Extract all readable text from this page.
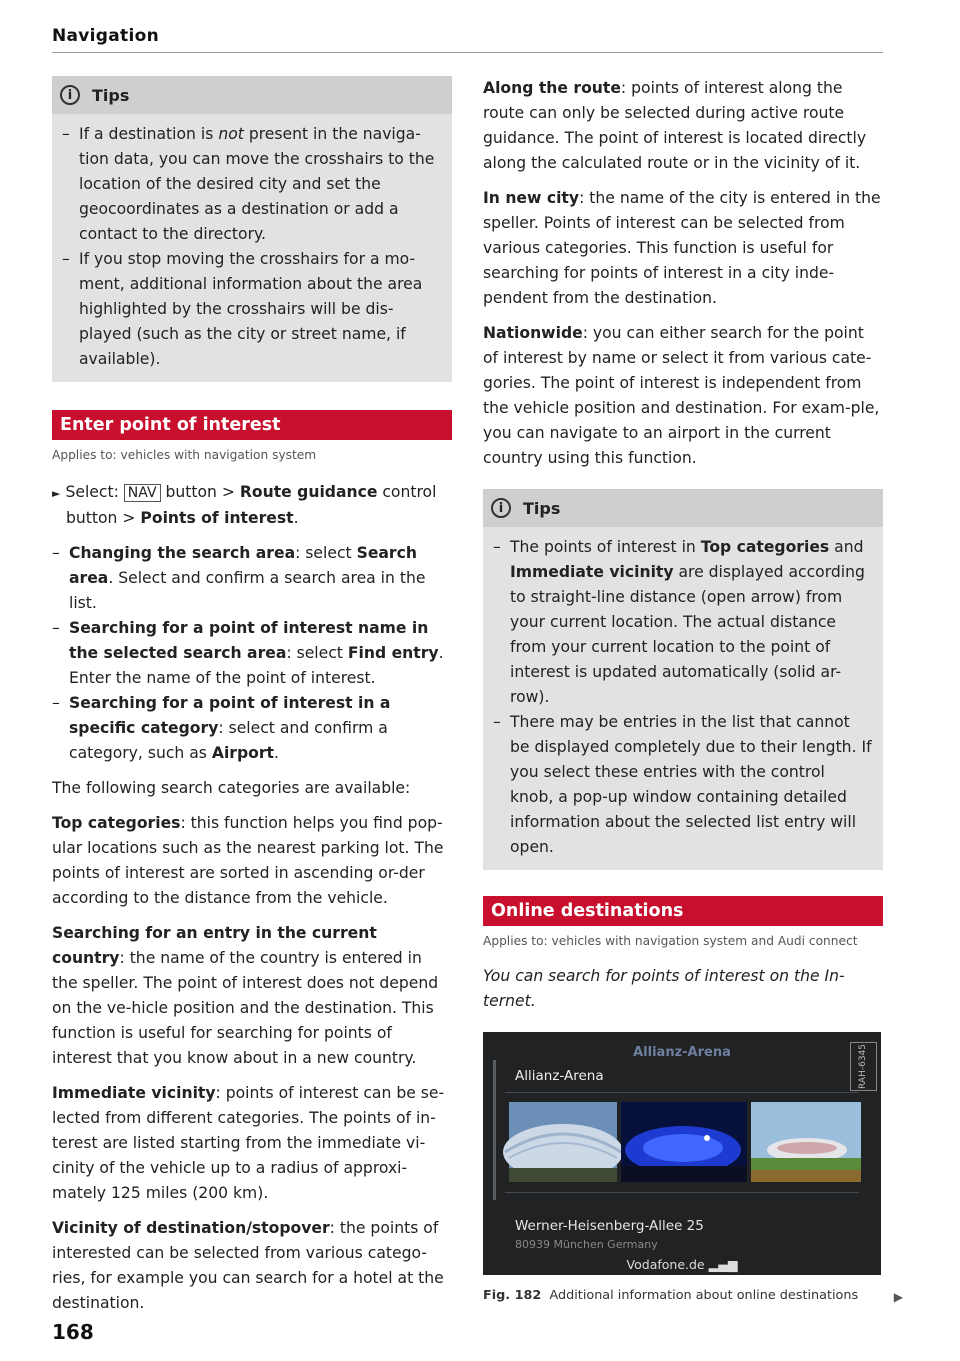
Navigation
i	Tips

– If a destination is not present in the naviga-tion data, you can move the crosshairs to the location of the desired city and set the geocoordinates as a destination or add a contact to the directory.

– If you stop moving the crosshairs for a mo-ment, additional information about the area highlighted by the crosshairs will be dis-played (such as the city or street name, if available).

Enter point of interest
Applies to: vehicles with navigation system

► Select: NAV button > Route guidance control button > Points of interest.

– Changing the search area: select Search area. Select and confirm a search area in the list.

– Searching for a point of interest name in the selected search area: select Find entry. Enter the name of the point of interest.

– Searching for a point of interest in a specific category: select and confirm a category, such as Airport.

The following search categories are available:

Top categories: this function helps you find pop-ular locations such as the nearest parking lot. The points of interest are sorted in ascending or-der according to the distance from the vehicle.

Searching for an entry in the current country: the name of the country is entered in the speller. The point of interest does not depend on the ve-hicle position and the destination. This function is useful for searching for points of interest that you know about in a new country.

Immediate vicinity: points of interest can be se-lected from different categories. The points of in-terest are listed starting from the immediate vi-cinity of the vehicle up to a radius of approxi-mately 125 miles (200 km).

Vicinity of destination/stopover: the points of interested can be selected from various catego-ries, for example you can search for a hotel at the destination.

Along the route: points of interest along the route can only be selected during active route guidance. The point of interest is located directly along the calculated route or in the vicinity of it.

In new city: the name of the city is entered in the speller. Points of interest can be selected from various categories. This function is useful for searching for points of interest in a city inde-pendent from the destination.

Nationwide: you can either search for the point of interest by name or select it from various cate-gories. The point of interest is independent from the vehicle position and destination. For exam-ple, you can navigate to an airport in the current country using this function.

i	Tips

– The points of interest in Top categories and Immediate vicinity are displayed according to straight-line distance (open arrow) from your current location. The actual distance from your current location to the point of interest is updated automatically (solid ar-row).

– There may be entries in the list that cannot be displayed completely due to their length. If you select these entries with the control knob, a pop-up window containing detailed information about the selected list entry will open.

Online destinations
Applies to: vehicles with navigation system and Audi connect

You can search for points of interest on the In-ternet.

Allianz-Arena
Allianz-Arena
Werner-Heisenberg-Allee 25
80939 München Germany
Vodafone.de ▂▄▆
RAH-6345
Fig. 182 Additional information about online destinations	▶
168
